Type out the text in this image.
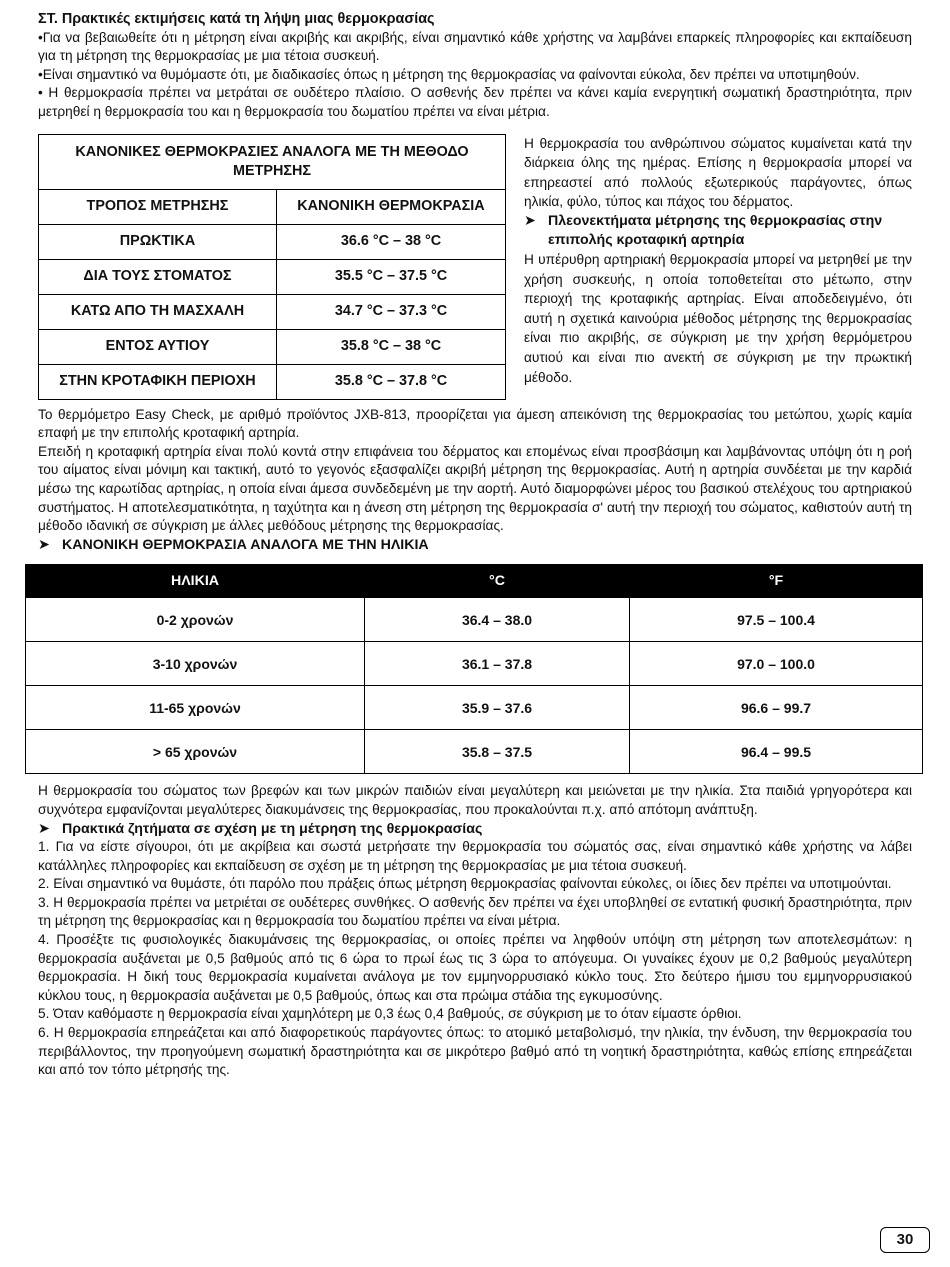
ΣΤ. Πρακτικές εκτιμήσεις κατά τη λήψη μιας θερμοκρασίας

•Για να βεβαιωθείτε ότι η μέτρηση είναι ακριβής και ακριβής, είναι σημαντικό κάθε χρήστης να λαμβάνει επαρκείς πληροφορίες και εκπαίδευση για τη μέτρηση της θερμοκρασίας με μια τέτοια συσκευή.

•Είναι σημαντικό να θυμόμαστε ότι, με διαδικασίες όπως η μέτρηση της θερμοκρασίας να φαίνονται εύκολα, δεν πρέπει να υποτιμηθούν.

• Η θερμοκρασία πρέπει να μετράται σε ουδέτερο πλαίσιο. Ο ασθενής δεν πρέπει να κάνει καμία ενεργητική σωματική δραστηριότητα, πριν μετρηθεί η θερμοκρασία του και η θερμοκρασία του δωματίου πρέπει να είναι μέτρια.

ΚΑΝΟΝΙΚΕΣ ΘΕΡΜΟΚΡΑΣΙΕΣ ΑΝΑΛΟΓΑ ΜΕ ΤΗ ΜΕΘΟΔΟ ΜΕΤΡΗΣΗΣ	
ΤΡΟΠΟΣ ΜΕΤΡΗΣΗΣ	ΚΑΝΟΝΙΚΗ ΘΕΡΜΟΚΡΑΣΙΑ
ΠΡΩΚΤΙΚΑ	36.6 °C – 38 °C
ΔΙΑ ΤΟΥΣ ΣΤΟΜΑΤΟΣ	35.5 °C – 37.5 °C
ΚΑΤΩ ΑΠΟ ΤΗ ΜΑΣΧΑΛΗ	34.7 °C – 37.3 °C
ΕΝΤΟΣ ΑΥΤΙΟΥ	35.8 °C – 38 °C
ΣΤΗΝ ΚΡΟΤΑΦΙΚΗ ΠΕΡΙΟΧΗ	35.8 °C – 37.8 °C

Η θερμοκρασία του ανθρώπινου σώματος κυμαίνεται κατά την διάρκεια όλης της ημέρας. Επίσης η θερμοκρασία μπορεί να επηρεαστεί από πολλούς εξωτερικούς παράγοντες, όπως ηλικία, φύλο, τύπος και πάχος του δέρματος.

➤ Πλεονεκτήματα μέτρησης της θερμοκρασίας στην επιπολής κροταφική αρτηρία

Η υπέρυθρη αρτηριακή θερμοκρασία μπορεί να μετρηθεί με την χρήση συσκευής, η οποία τοποθετείται στο μέτωπο, στην περιοχή της κροταφικής αρτηρίας. Είναι αποδεδειγμένο, ότι αυτή η σχετικά καινούρια μέθοδος μέτρησης της θερμοκρασίας είναι πιο ακριβής, σε σύγκριση με την χρήση θερμόμετρου αυτιού και είναι πιο ανεκτή σε σύγκριση με την πρωκτική μέθοδο.

Το θερμόμετρο Easy Check, με αριθμό προϊόντος JXB-813, προορίζεται για άμεση απεικόνιση της θερμοκρασίας του μετώπου, χωρίς καμία επαφή με την επιπολής κροταφική αρτηρία.

Επειδή η κροταφική αρτηρία είναι πολύ κοντά στην επιφάνεια του δέρματος και επομένως είναι προσβάσιμη και λαμβάνοντας υπόψη ότι η ροή του αίματος είναι μόνιμη και τακτική, αυτό το γεγονός εξασφαλίζει ακριβή μέτρηση της θερμοκρασίας. Αυτή η αρτηρία συνδέεται με την καρδιά μέσω της καρωτίδας αρτηρίας, η οποία είναι άμεσα συνδεδεμένη με την αορτή. Αυτό διαμορφώνει μέρος του βασικού στελέχους του αρτηριακού συστήματος. Η αποτελεσματικότητα, η ταχύτητα και η άνεση στη μέτρηση της θερμοκρασία σ' αυτή την περιοχή του σώματος, καθιστούν αυτή τη μέθοδο ιδανική σε σύγκριση με άλλες μεθόδους μέτρησης της θερμοκρασίας.

➤ ΚΑΝΟΝΙΚΗ ΘΕΡΜΟΚΡΑΣΙΑ ΑΝΑΛΟΓΑ ΜΕ ΤΗΝ ΗΛΙΚΙΑ
ΗΛΙΚΙΑ	°C	°F
0-2 χρονών	36.4 – 38.0	97.5 – 100.4
3-10 χρονών	36.1 – 37.8	97.0 – 100.0
11-65 χρονών	35.9 – 37.6	96.6 – 99.7
> 65 χρονών	35.8 – 37.5	96.4 – 99.5

Η θερμοκρασία του σώματος των βρεφών και των μικρών παιδιών είναι μεγαλύτερη και μειώνεται με την ηλικία. Στα παιδιά γρηγορότερα και συχνότερα εμφανίζονται μεγαλύτερες διακυμάνσεις της θερμοκρασίας, που προκαλούνται π.χ. από απότομη ανάπτυξη.

➤ Πρακτικά ζητήματα σε σχέση με τη μέτρηση της θερμοκρασίας

1. Για να είστε σίγουροι, ότι με ακρίβεια και σωστά μετρήσατε την θερμοκρασία του σώματός σας, είναι σημαντικό κάθε χρήστης να λάβει κατάλληλες πληροφορίες και εκπαίδευση σε σχέση με τη μέτρηση της θερμοκρασίας με μια τέτοια συσκευή.

2. Είναι σημαντικό να θυμάστε, ότι παρόλο που πράξεις όπως μέτρηση θερμοκρασίας φαίνονται εύκολες, οι ίδιες δεν πρέπει να υποτιμούνται.

3. Η θερμοκρασία πρέπει να μετριέται σε ουδέτερες συνθήκες. Ο ασθενής δεν πρέπει να έχει υποβληθεί σε εντατική φυσική δραστηριότητα, πριν τη μέτρηση της θερμοκρασίας και η θερμοκρασία του δωματίου πρέπει να είναι μέτρια.

4. Προσέξτε τις φυσιολογικές διακυμάνσεις της θερμοκρασίας, οι οποίες πρέπει να ληφθούν υπόψη στη μέτρηση των αποτελεσμάτων: η θερμοκρασία αυξάνεται με 0,5 βαθμούς από τις 6 ώρα το πρωί έως τις 3 ώρα το απόγευμα. Οι γυναίκες έχουν με 0,2 βαθμούς μεγαλύτερη θερμοκρασία. Η δική τους θερμοκρασία κυμαίνεται ανάλογα με τον εμμηνορρυσιακό κύκλο τους. Στο δεύτερο ήμισυ του εμμηνορρυσιακού κύκλου τους, η θερμοκρασία αυξάνεται με 0,5 βαθμούς, όπως και στα πρώιμα στάδια της εγκυμοσύνης.

5. Όταν καθόμαστε η θερμοκρασία είναι χαμηλότερη με 0,3 έως 0,4 βαθμούς, σε σύγκριση με το όταν είμαστε όρθιοι.

6. Η θερμοκρασία επηρεάζεται και από διαφορετικούς παράγοντες όπως: το ατομικό μεταβολισμό, την ηλικία, την ένδυση, την θερμοκρασία του περιβάλλοντος, την προηγούμενη σωματική δραστηριότητα και σε μικρότερο βαθμό από τη νοητική δραστηριότητα, καθώς επίσης επηρεάζεται και από τον τόπο μέτρησής της.

30
